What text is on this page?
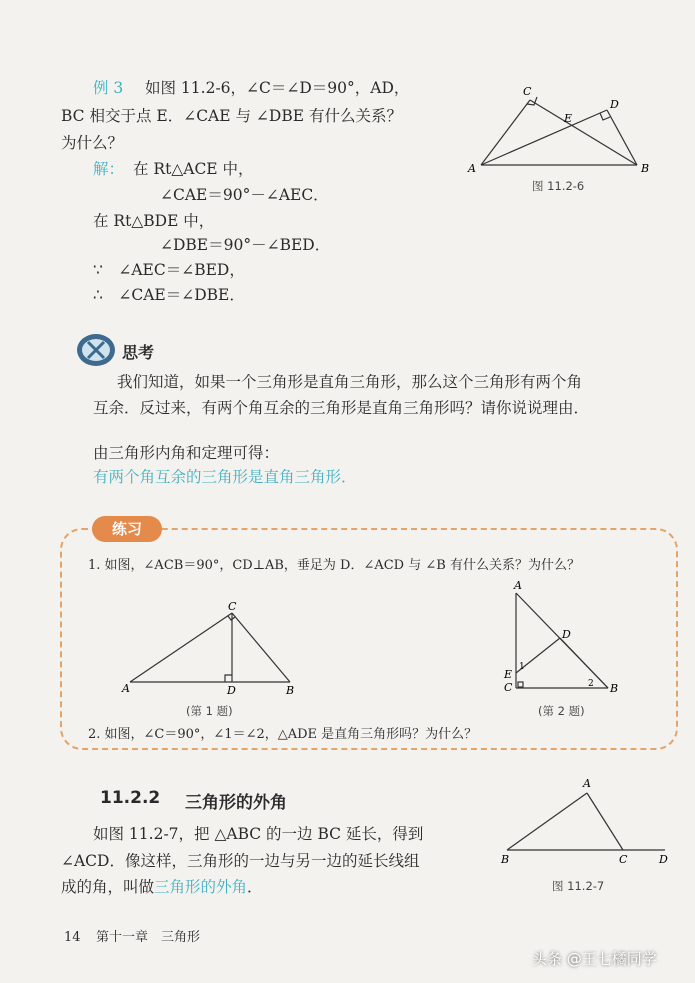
例 3 如图 11.2-6，∠C＝∠D＝90°，AD，
BC 相交于点 E．∠CAE 与 ∠DBE 有什么关系？
为什么？
解： 在 Rt△ACE 中，
∠CAE＝90°－∠AEC．
在 Rt△BDE 中，
∠DBE＝90°－∠BED．
∵　∠AEC＝∠BED，
∴　∠CAE＝∠DBE．
A	B
C
D
E
图 11.2-6
思考
我们知道，如果一个三角形是直角三角形，那么这个三角形有两个角
互余．反过来，有两个角互余的三角形是直角三角形吗？请你说说理由．
由三角形内角和定理可得：
有两个角互余的三角形是直角三角形．
练习
1. 如图，∠ACB＝90°，CD⊥AB，垂足为 D．∠ACD 与 ∠B 有什么关系？为什么？
A	B
C
D
(第 1 题)
A
B
C
D
E
1
2
(第 2 题)
2. 如图，∠C＝90°，∠1＝∠2，△ADE 是直角三角形吗？为什么？
11.2.2 三角形的外角
如图 11.2-7，把 △ABC 的一边 BC 延长，得到
∠ACD．像这样，三角形的一边与另一边的延长线组
成的角，叫做三角形的外角．
A
B	C	D
图 11.2-7
14 第十一章　三角形
头条 @王七橘同学
